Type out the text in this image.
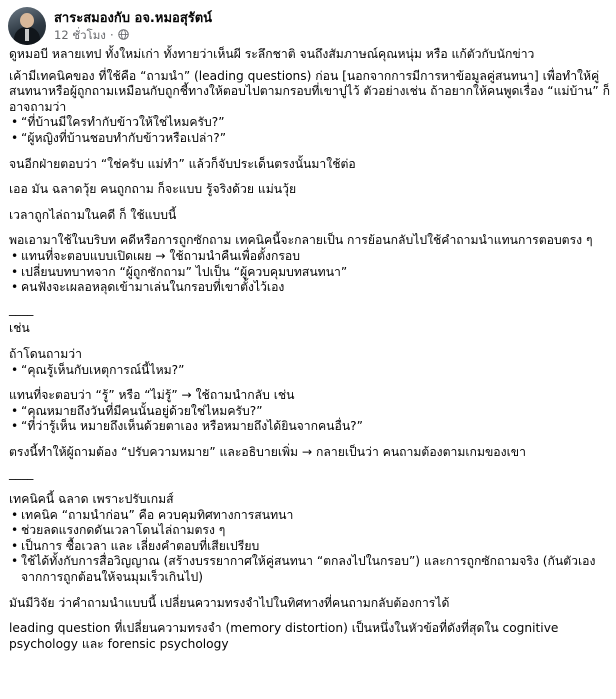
สาระสมองกับ อจ.หมอสุรัตน์
12 ชั่วโมง ·

ดูหมอบี หลายเทป ทั้งใหม่เก่า ทั้งทายว่าเห็นผี ระลึกชาติ จนถึงสัมภาษณ์คุณหนุ่ม หรือ แก้ตัวกับนักข่าว

เค้ามีเทคนิคของ ที่ใช้คือ “ถามนำ” (leading questions) ก่อน [นอกจากการมีการหาข้อมูลคู่สนทนา] เพื่อทำให้คู่สนทนาหรือผู้ถูกถามเหมือนกับถูกชี้ทางให้ตอบไปตามกรอบที่เขาปูไว้ ตัวอย่างเช่น ถ้าอยากให้คนพูดเรื่อง “แม่บ้าน” ก็อาจถามว่า

• “ที่บ้านมีใครทำกับข้าวให้ใช่ไหมครับ?”
• “ผู้หญิงที่บ้านชอบทำกับข้าวหรือเปล่า?”

จนอีกฝ่ายตอบว่า “ใช่ครับ แม่ทำ” แล้วก็จับประเด็นตรงนั้นมาใช้ต่อ

เออ มัน ฉลาดวุ้ย คนถูกถาม ก็จะแบบ รู้จริงด้วย แม่นวุ้ย

เวลาถูกไล่ถามในคดี ก็ ใช้แบบนี้

พอเอามาใช้ในบริบท คดีหรือการถูกซักถาม เทคนิคนี้จะกลายเป็น การย้อนกลับไปใช้คำถามนำแทนการตอบตรง ๆ

• แทนที่จะตอบแบบเปิดเผย → ใช้ถามนำคืนเพื่อตั้งกรอบ
• เปลี่ยนบทบาทจาก “ผู้ถูกซักถาม” ไปเป็น “ผู้ควบคุมบทสนทนา”
• คนฟังจะเผลอหลุดเข้ามาเล่นในกรอบที่เขาตั้งไว้เอง

____

เช่น

ถ้าโดนถามว่า

• “คุณรู้เห็นกับเหตุการณ์นี้ไหม?”

แทนที่จะตอบว่า “รู้” หรือ “ไม่รู้” → ใช้ถามนำกลับ เช่น

• “คุณหมายถึงวันที่มีคนนั้นอยู่ด้วยใช่ไหมครับ?”
• “ที่ว่ารู้เห็น หมายถึงเห็นด้วยตาเอง หรือหมายถึงได้ยินจากคนอื่น?”

ตรงนี้ทำให้ผู้ถามต้อง “ปรับความหมาย” และอธิบายเพิ่ม → กลายเป็นว่า คนถามต้องตามเกมของเขา

____

เทคนิคนี้ ฉลาด เพราะปรับเกมส์

• เทคนิค “ถามนำก่อน” คือ ควบคุมทิศทางการสนทนา
• ช่วยลดแรงกดดันเวลาโดนไล่ถามตรง ๆ
• เป็นการ ซื้อเวลา และ เลี่ยงคำตอบที่เสียเปรียบ
• ใช้ได้ทั้งกับการสื่อวิญญาณ (สร้างบรรยากาศให้คู่สนทนา “ตกลงไปในกรอบ”) และการถูกซักถามจริง (กันตัวเองจากการถูกต้อนให้จนมุมเร็วเกินไป)

มันมีวิจัย ว่าคำถามนำแบบนี้ เปลี่ยนความทรงจำไปในทิศทางที่คนถามกลับต้องการได้

leading question ที่เปลี่ยนความทรงจำ (memory distortion) เป็นหนึ่งในหัวข้อที่ดังที่สุดใน cognitive psychology และ forensic psychology
